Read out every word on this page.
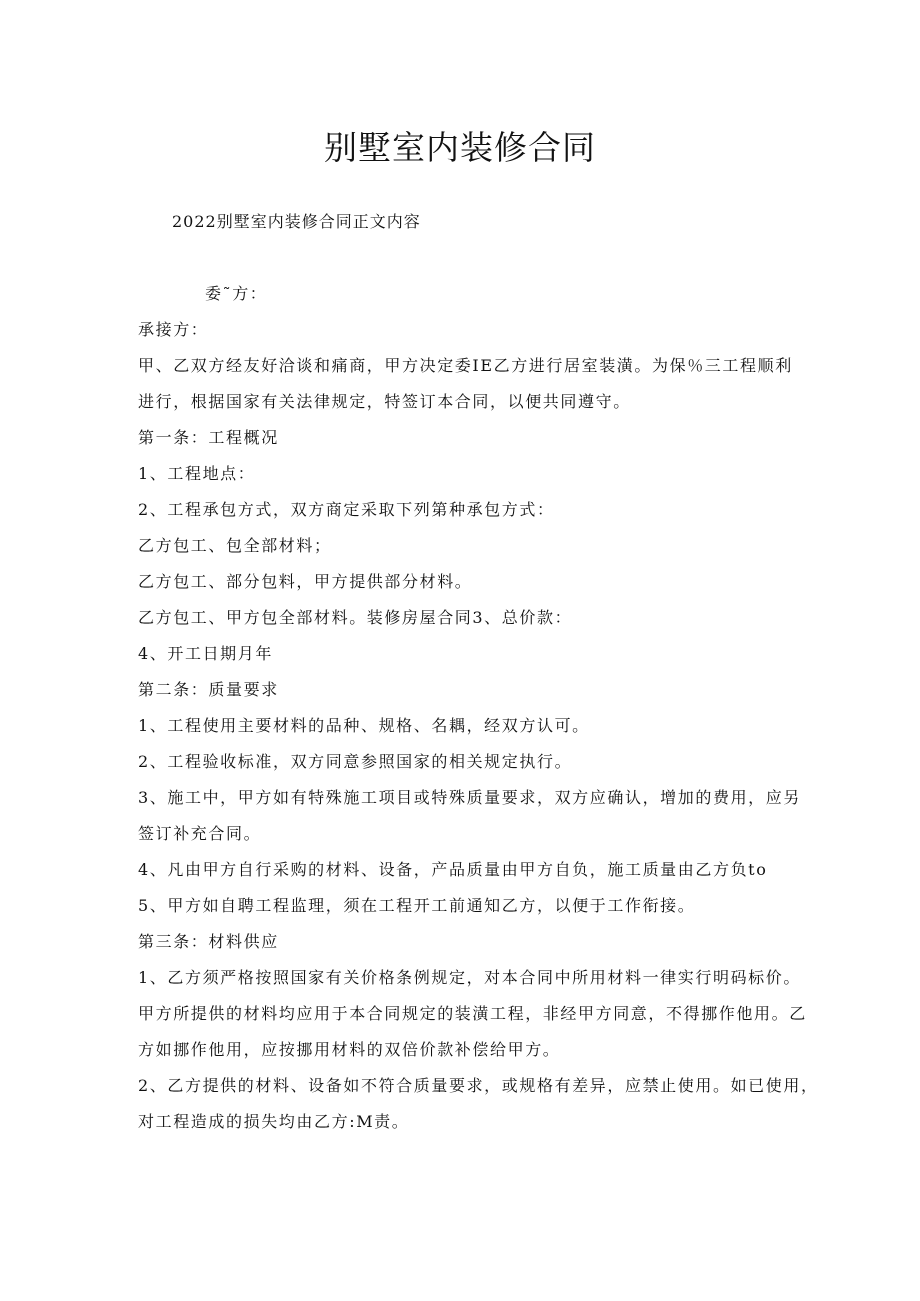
别墅室内装修合同
2022别墅室内装修合同正文内容
委˜方：
承接方：
甲、乙双方经友好洽谈和痛商，甲方决定委IE乙方进行居室装潢。为保％三工程顺利
进行，根据国家有关法律规定，特签订本合同，以便共同遵守。
第一条：工程概况
1、工程地点：
2、工程承包方式，双方商定采取下列第种承包方式：
乙方包工、包全部材料；
乙方包工、部分包料，甲方提供部分材料。
乙方包工、甲方包全部材料。装修房屋合同3、总价款：
4、开工日期月年
第二条：质量要求
1、工程使用主要材料的品种、规格、名耦，经双方认可。
2、工程验收标准，双方同意参照国家的相关规定执行。
3、施工中，甲方如有特殊施工项目或特殊质量要求，双方应确认，增加的费用，应另
签订补充合同。
4、凡由甲方自行采购的材料、设备，产品质量由甲方自负，施工质量由乙方负to
5、甲方如自聘工程监理，须在工程开工前通知乙方，以便于工作衔接。
第三条：材料供应
1、乙方须严格按照国家有关价格条例规定，对本合同中所用材料一律实行明码标价。
甲方所提供的材料均应用于本合同规定的装潢工程，非经甲方同意，不得挪作他用。乙
方如挪作他用，应按挪用材料的双倍价款补偿给甲方。
2、乙方提供的材料、设备如不符合质量要求，或规格有差异，应禁止使用。如已使用，
对工程造成的损失均由乙方:M责。
